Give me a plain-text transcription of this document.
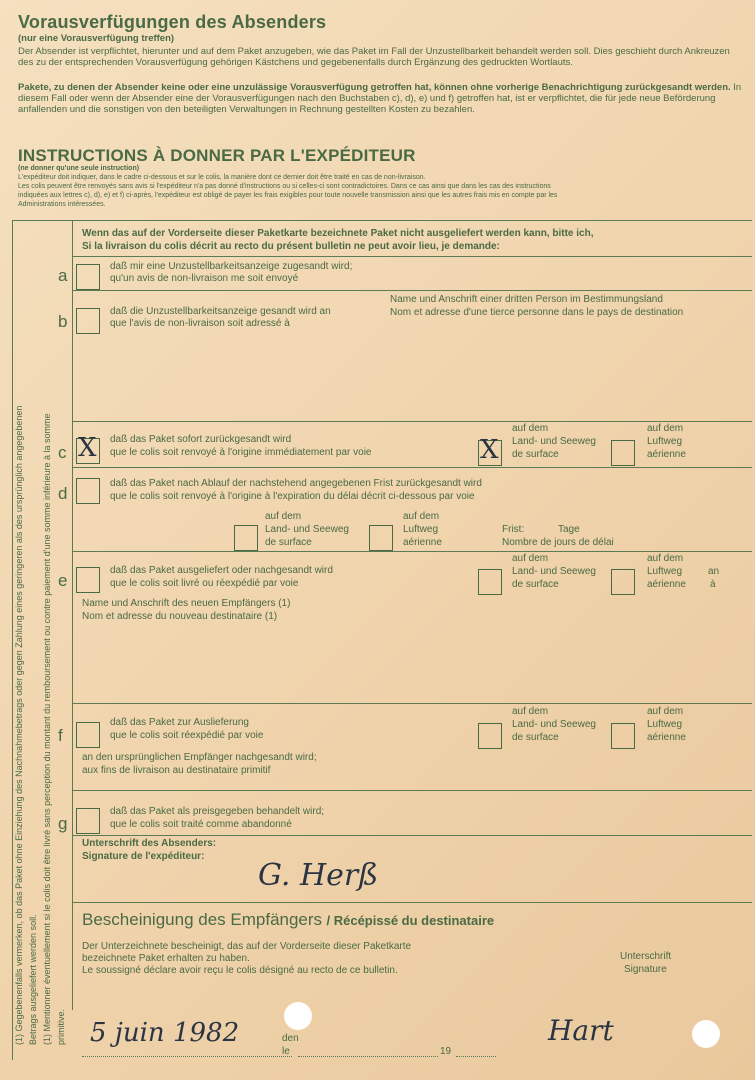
Vorausverfügungen des Absenders
(nur eine Vorausverfügung treffen)
Der Absender ist verpflichtet, hierunter und auf dem Paket anzugeben, wie das Paket im Fall der Unzustellbarkeit behandelt werden soll. Dies geschieht durch Ankreuzen des zu der entsprechenden Vorausverfügung gehörigen Kästchens und gegebenenfalls durch Ergänzung des gedruckten Wortlauts.
Pakete, zu denen der Absender keine oder eine unzulässige Vorausverfügung getroffen hat, können ohne vorherige Benachrichtigung zurückgesandt werden. In diesem Fall oder wenn der Absender eine der Vorausverfügungen nach den Buchstaben c), d), e) und f) getroffen hat, ist er verpflichtet, die für jede neue Beförderung anfallenden und die sonstigen von den beteiligten Verwaltungen in Rechnung gestellten Kosten zu bezahlen.
INSTRUCTIONS À DONNER PAR L'EXPÉDITEUR
(ne donner qu'une seule instruction)
L'expéditeur doit indiquer, dans le cadre ci-dessous et sur le colis, la manière dont ce dernier doit être traité en cas de non-livraison.
Les colis peuvent être renvoyés sans avis si l'expéditeur n'a pas donné d'instructions ou si celles-ci sont contradictoires. Dans ce cas ainsi que dans les cas des instructions
indiquées aux lettres c), d), e) et f) ci-après, l'expéditeur est obligé de payer les frais exigibles pour toute nouvelle transmission ainsi que les autres frais mis en compte par les
Administrations intéressées.
(1) Gegebenenfalls vermerken, ob das Paket ohne Einziehung des Nachnahmebetrags oder gegen Zahlung eines geringeren als des ursprünglich angegebenen Betrags ausgeliefert werden soll. (1) Mentionner éventuellement si le colis doit être livré sans perception du montant du remboursement ou contre paiement d'une somme inférieure à la somme primitive.
Wenn das auf der Vorderseite dieser Paketkarte bezeichnete Paket nicht ausgeliefert werden kann, bitte ich,
Si la livraison du colis décrit au recto du présent bulletin ne peut avoir lieu, je demande:
a	daß mir eine Unzustellbarkeitsanzeige zugesandt wird;
qu'un avis de non-livraison me soit envoyé
b
daß die Unzustellbarkeitsanzeige gesandt wird an
que l'avis de non-livraison soit adressé à
Name und Anschrift einer dritten Person im Bestimmungsland
Nom et adresse d'une tierce personne dans le pays de destination
c X daß das Paket sofort zurückgesandt wird
que le colis soit renvoyé à l'origine immédiatement par voie	X
auf dem
Land- und Seeweg
de surface
auf dem
Luftweg
aérienne
d
daß das Paket nach Ablauf der nachstehend angegebenen Frist zurückgesandt wird
que le colis soit renvoyé à l'origine à l'expiration du délai décrit ci-dessous par voie
auf dem
Land- und Seeweg
de surface
auf dem
Luftweg
aérienne
Frist:	Tage
Nombre de jours de délai
e
daß das Paket ausgeliefert oder nachgesandt wird
que le colis soit livré ou réexpédié par voie
auf dem
Land- und Seeweg
de surface
auf dem
Luftweg
aérienne
an
à
Name und Anschrift des neuen Empfängers (1)
Nom et adresse du nouveau destinataire (1)
f
daß das Paket zur Auslieferung
que le colis soit réexpédié par voie
an den ursprünglichen Empfänger nachgesandt wird;
aux fins de livraison au destinataire primitif
auf dem
Land- und Seeweg
de surface
auf dem
Luftweg
aérienne
g
daß das Paket als preisgegeben behandelt wird;
que le colis soit traité comme abandonné
Unterschrift des Absenders:
Signature de l'expéditeur:
G. Herß
Bescheinigung des Empfängers / Récépissé du destinataire
Der Unterzeichnete bescheinigt, das auf der Vorderseite dieser Paketkarte
bezeichnete Paket erhalten zu haben.
Le soussigné déclare avoir reçu le colis désigné au recto de ce bulletin.
Unterschrift
Signature
5 juin 1982	den
le	19
Hart
